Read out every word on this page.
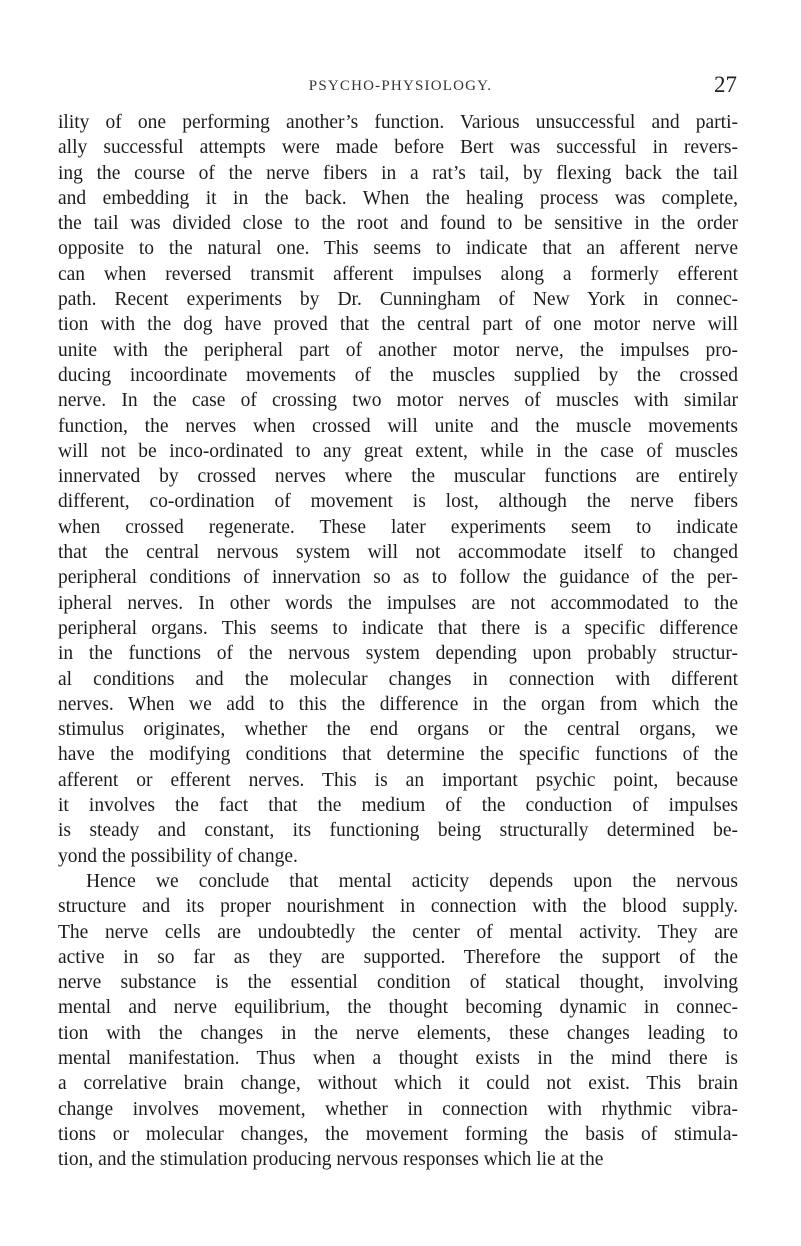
PSYCHO-PHYSIOLOGY.	27
ility of one performing another’s function. Various unsuccessful and parti-
ally successful attempts were made before Bert was successful in revers-
ing the course of the nerve fibers in a rat’s tail, by flexing back the tail
and embedding it in the back. When the healing process was complete,
the tail was divided close to the root and found to be sensitive in the order
opposite to the natural one. This seems to indicate that an afferent nerve
can when reversed transmit afferent impulses along a formerly efferent
path. Recent experiments by Dr. Cunningham of New York in connec-
tion with the dog have proved that the central part of one motor nerve will
unite with the peripheral part of another motor nerve, the impulses pro-
ducing incoordinate movements of the muscles supplied by the crossed
nerve. In the case of crossing two motor nerves of muscles with similar
function, the nerves when crossed will unite and the muscle movements
will not be inco-ordinated to any great extent, while in the case of muscles
innervated by crossed nerves where the muscular functions are entirely
different, co-ordination of movement is lost, although the nerve fibers
when crossed regenerate. These later experiments seem to indicate
that the central nervous system will not accommodate itself to changed
peripheral conditions of innervation so as to follow the guidance of the per-
ipheral nerves. In other words the impulses are not accommodated to the
peripheral organs. This seems to indicate that there is a specific difference
in the functions of the nervous system depending upon probably structur-
al conditions and the molecular changes in connection with different
nerves. When we add to this the difference in the organ from which the
stimulus originates, whether the end organs or the central organs, we
have the modifying conditions that determine the specific functions of the
afferent or efferent nerves. This is an important psychic point, because
it involves the fact that the medium of the conduction of impulses
is steady and constant, its functioning being structurally determined be-
yond the possibility of change.
Hence we conclude that mental acticity depends upon the nervous
structure and its proper nourishment in connection with the blood supply.
The nerve cells are undoubtedly the center of mental activity. They are
active in so far as they are supported. Therefore the support of the
nerve substance is the essential condition of statical thought, involving
mental and nerve equilibrium, the thought becoming dynamic in connec-
tion with the changes in the nerve elements, these changes leading to
mental manifestation. Thus when a thought exists in the mind there is
a correlative brain change, without which it could not exist. This brain
change involves movement, whether in connection with rhythmic vibra-
tions or molecular changes, the movement forming the basis of stimula-
tion, and the stimulation producing nervous responses which lie at the
